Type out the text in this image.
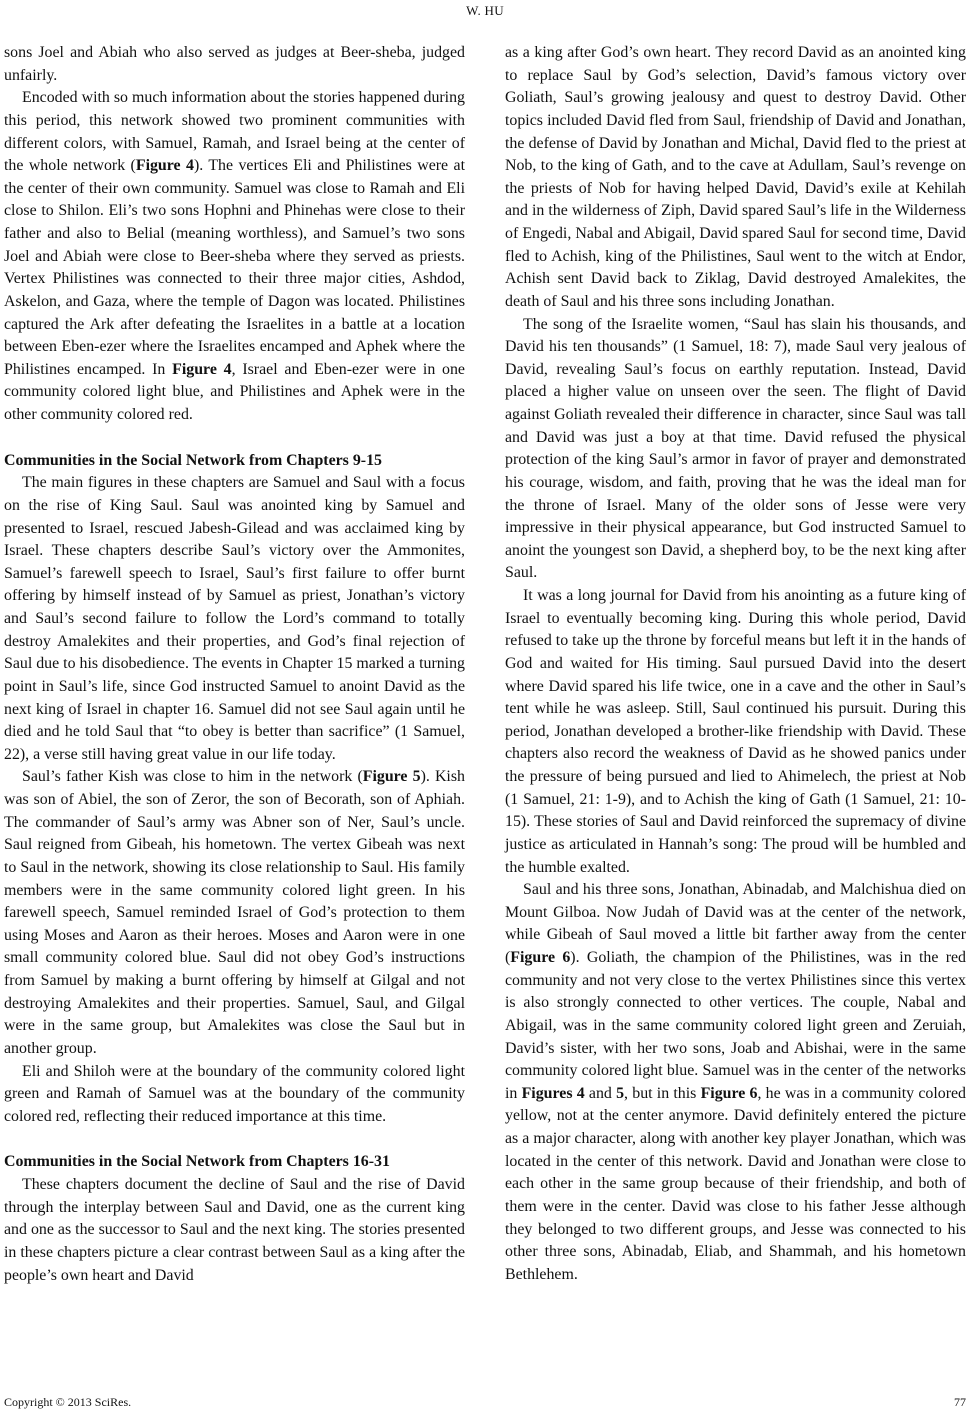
W. HU

sons Joel and Abiah who also served as judges at Beer-sheba, judged unfairly.

Encoded with so much information about the stories happened during this period, this network showed two prominent communities with different colors, with Samuel, Ramah, and Israel being at the center of the whole network (Figure 4). The vertices Eli and Philistines were at the center of their own community. Samuel was close to Ramah and Eli close to Shilon. Eli’s two sons Hophni and Phinehas were close to their father and also to Belial (meaning worthless), and Samuel’s two sons Joel and Abiah were close to Beer-sheba where they served as priests. Vertex Philistines was connected to their three major cities, Ashdod, Askelon, and Gaza, where the temple of Dagon was located. Philistines captured the Ark after defeating the Israelites in a battle at a location between Eben-ezer where the Israelites encamped and Aphek where the Philistines encamped. In Figure 4, Israel and Eben-ezer were in one community colored light blue, and Philistines and Aphek were in the other community colored red.

Communities in the Social Network from Chapters 9-15

The main figures in these chapters are Samuel and Saul with a focus on the rise of King Saul. Saul was anointed king by Samuel and presented to Israel, rescued Jabesh-Gilead and was acclaimed king by Israel. These chapters describe Saul’s victory over the Ammonites, Samuel’s farewell speech to Israel, Saul’s first failure to offer burnt offering by himself instead of by Samuel as priest, Jonathan’s victory and Saul’s second failure to follow the Lord’s command to totally destroy Amalekites and their properties, and God’s final rejection of Saul due to his disobedience. The events in Chapter 15 marked a turning point in Saul’s life, since God instructed Samuel to anoint David as the next king of Israel in chapter 16. Samuel did not see Saul again until he died and he told Saul that “to obey is better than sacrifice” (1 Samuel, 22), a verse still having great value in our life today.

Saul’s father Kish was close to him in the network (Figure 5). Kish was son of Abiel, the son of Zeror, the son of Becorath, son of Aphiah. The commander of Saul’s army was Abner son of Ner, Saul’s uncle. Saul reigned from Gibeah, his hometown. The vertex Gibeah was next to Saul in the network, showing its close relationship to Saul. His family members were in the same community colored light green. In his farewell speech, Samuel reminded Israel of God’s protection to them using Moses and Aaron as their heroes. Moses and Aaron were in one small community colored blue. Saul did not obey God’s instructions from Samuel by making a burnt offering by himself at Gilgal and not destroying Amalekites and their properties. Samuel, Saul, and Gilgal were in the same group, but Amalekites was close the Saul but in another group.

Eli and Shiloh were at the boundary of the community colored light green and Ramah of Samuel was at the boundary of the community colored red, reflecting their reduced importance at this time.

Communities in the Social Network from Chapters 16-31

These chapters document the decline of Saul and the rise of David through the interplay between Saul and David, one as the current king and one as the successor to Saul and the next king. The stories presented in these chapters picture a clear contrast between Saul as a king after the people’s own heart and David

as a king after God’s own heart. They record David as an anointed king to replace Saul by God’s selection, David’s famous victory over Goliath, Saul’s growing jealousy and quest to destroy David. Other topics included David fled from Saul, friendship of David and Jonathan, the defense of David by Jonathan and Michal, David fled to the priest at Nob, to the king of Gath, and to the cave at Adullam, Saul’s revenge on the priests of Nob for having helped David, David’s exile at Kehilah and in the wilderness of Ziph, David spared Saul’s life in the Wilderness of Engedi, Nabal and Abigail, David spared Saul for second time, David fled to Achish, king of the Philistines, Saul went to the witch at Endor, Achish sent David back to Ziklag, David destroyed Amalekites, the death of Saul and his three sons including Jonathan.

The song of the Israelite women, “Saul has slain his thousands, and David his ten thousands” (1 Samuel, 18: 7), made Saul very jealous of David, revealing Saul’s focus on earthly reputation. Instead, David placed a higher value on unseen over the seen. The flight of David against Goliath revealed their difference in character, since Saul was tall and David was just a boy at that time. David refused the physical protection of the king Saul’s armor in favor of prayer and demonstrated his courage, wisdom, and faith, proving that he was the ideal man for the throne of Israel. Many of the older sons of Jesse were very impressive in their physical appearance, but God instructed Samuel to anoint the youngest son David, a shepherd boy, to be the next king after Saul.

It was a long journal for David from his anointing as a future king of Israel to eventually becoming king. During this whole period, David refused to take up the throne by forceful means but left it in the hands of God and waited for His timing. Saul pursued David into the desert where David spared his life twice, one in a cave and the other in Saul’s tent while he was asleep. Still, Saul continued his pursuit. During this period, Jonathan developed a brother-like friendship with David. These chapters also record the weakness of David as he showed panics under the pressure of being pursued and lied to Ahimelech, the priest at Nob (1 Samuel, 21: 1-9), and to Achish the king of Gath (1 Samuel, 21: 10-15). These stories of Saul and David reinforced the supremacy of divine justice as articulated in Hannah’s song: The proud will be humbled and the humble exalted.

Saul and his three sons, Jonathan, Abinadab, and Malchishua died on Mount Gilboa. Now Judah of David was at the center of the network, while Gibeah of Saul moved a little bit farther away from the center (Figure 6). Goliath, the champion of the Philistines, was in the red community and not very close to the vertex Philistines since this vertex is also strongly connected to other vertices. The couple, Nabal and Abigail, was in the same community colored light green and Zeruiah, David’s sister, with her two sons, Joab and Abishai, were in the same community colored light blue. Samuel was in the center of the networks in Figures 4 and 5, but in this Figure 6, he was in a community colored yellow, not at the center anymore. David definitely entered the picture as a major character, along with another key player Jonathan, which was located in the center of this network. David and Jonathan were close to each other in the same group because of their friendship, and both of them were in the center. David was close to his father Jesse although they belonged to two different groups, and Jesse was connected to his other three sons, Abinadab, Eliab, and Shammah, and his hometown Bethlehem.

Copyright © 2013 SciRes.	77
